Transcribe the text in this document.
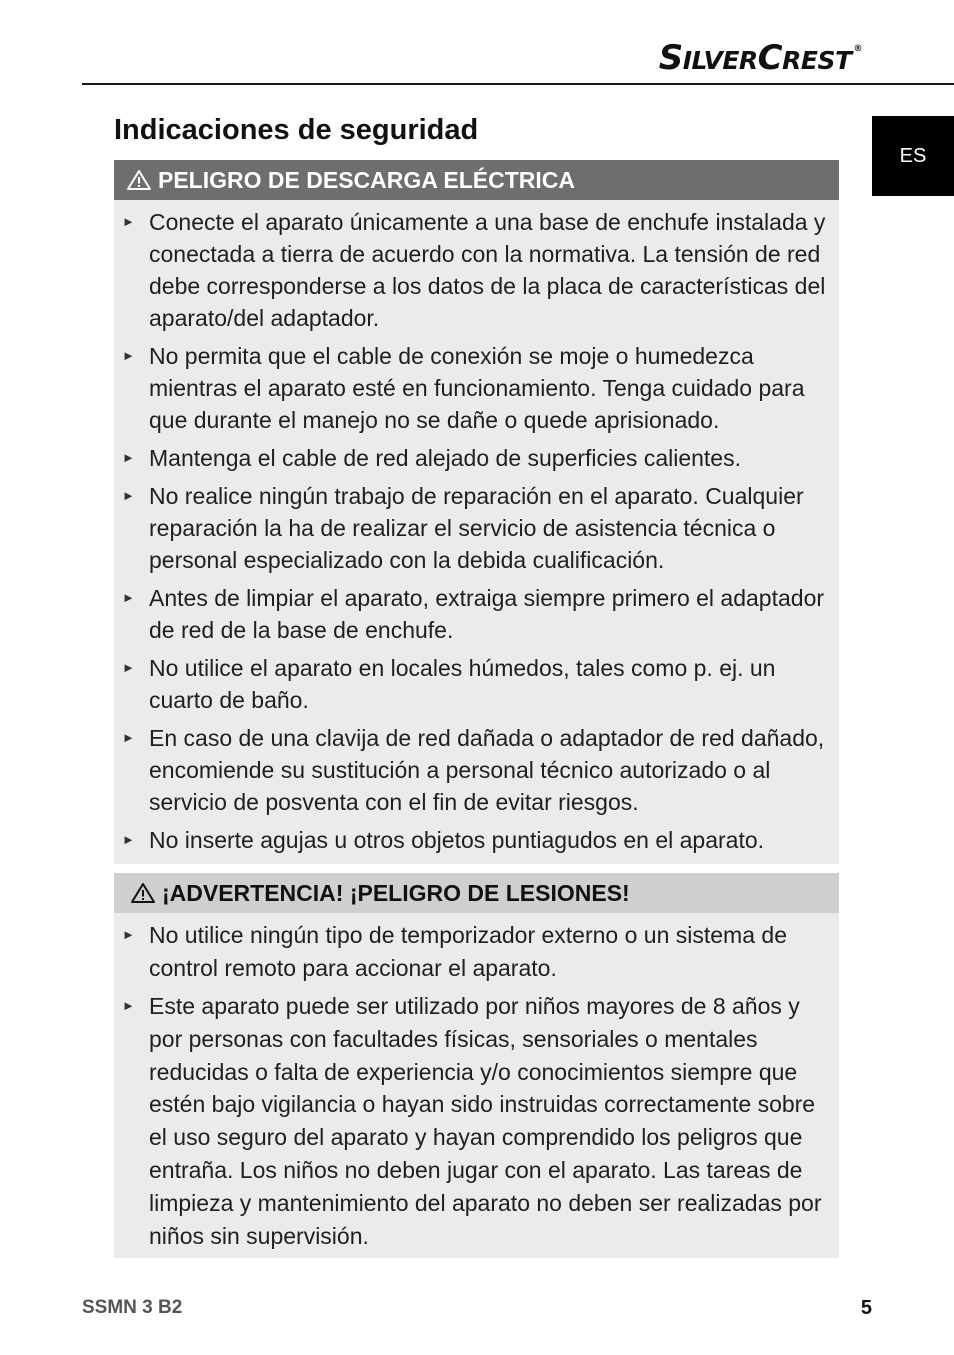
SILVERCREST ®
ES
Indicaciones de seguridad
PELIGRO DE DESCARGA ELÉCTRICA
► Conecte el aparato únicamente a una base de enchufe instalada y conectada a tierra de acuerdo con la normativa. La tensión de red debe corresponderse a los datos de la placa de características del aparato/del adaptador.
► No permita que el cable de conexión se moje o humedezca mientras el aparato esté en funcionamiento. Tenga cuidado para que durante el manejo no se dañe o quede aprisionado.
► Mantenga el cable de red alejado de superficies calientes.
► No realice ningún trabajo de reparación en el aparato. Cualquier reparación la ha de realizar el servicio de asistencia técnica o personal especializado con la debida cualificación.
► Antes de limpiar el aparato, extraiga siempre primero el adaptador de red de la base de enchufe.
► No utilice el aparato en locales húmedos, tales como p. ej. un cuarto de baño.
► En caso de una clavija de red dañada o adaptador de red dañado, encomiende su sustitución a personal técnico autorizado o al servicio de posventa con el fin de evitar riesgos.
► No inserte agujas u otros objetos puntiagudos en el aparato.
¡ADVERTENCIA! ¡PELIGRO DE LESIONES!
► No utilice ningún tipo de temporizador externo o un sistema de control remoto para accionar el aparato.
► Este aparato puede ser utilizado por niños mayores de 8 años y por personas con facultades físicas, sensoriales o mentales reducidas o falta de experiencia y/o conocimientos siempre que estén bajo vigilancia o hayan sido instruidas correctamente sobre el uso seguro del aparato y hayan comprendido los peligros que entraña. Los niños no deben jugar con el aparato. Las tareas de limpieza y mantenimiento del aparato no deben ser realizadas por niños sin supervisión.
SSMN 3 B2	5
